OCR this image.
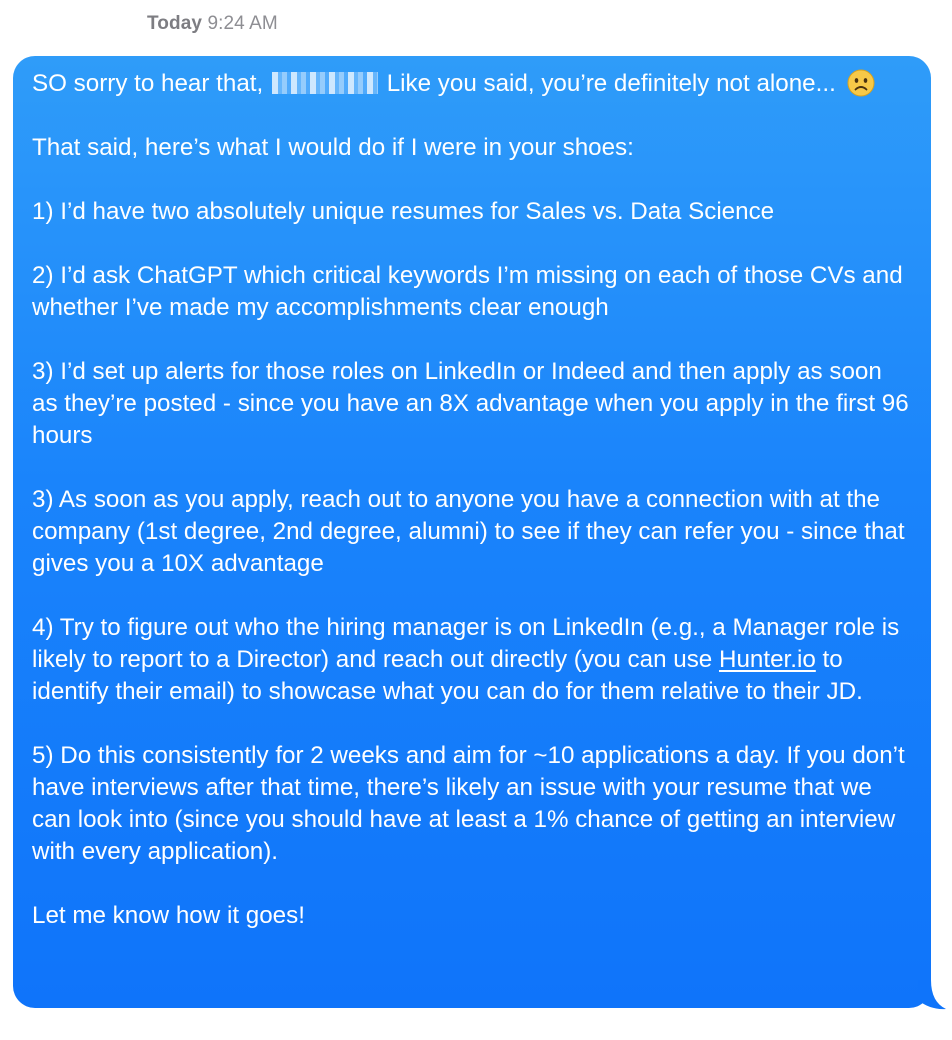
Today 9:24 AM

SO sorry to hear that,	Like you said, you’re definitely not alone...

That said, here’s what I would do if I were in your shoes:

1) I’d have two absolutely unique resumes for Sales vs. Data Science

2) I’d ask ChatGPT which critical keywords I’m missing on each of those CVs and whether I’ve made my accomplishments clear enough

3) I’d set up alerts for those roles on LinkedIn or Indeed and then apply as soon as they’re posted - since you have an 8X advantage when you apply in the first 96 hours

3) As soon as you apply, reach out to anyone you have a connection with at the company (1st degree, 2nd degree, alumni) to see if they can refer you - since that gives you a 10X advantage

4) Try to figure out who the hiring manager is on LinkedIn (e.g., a Manager role is likely to report to a Director) and reach out directly (you can use Hunter.io to identify their email) to showcase what you can do for them relative to their JD.

5) Do this consistently for 2 weeks and aim for ~10 applications a day. If you don’t have interviews after that time, there’s likely an issue with your resume that we can look into (since you should have at least a 1% chance of getting an interview with every application).

Let me know how it goes!
